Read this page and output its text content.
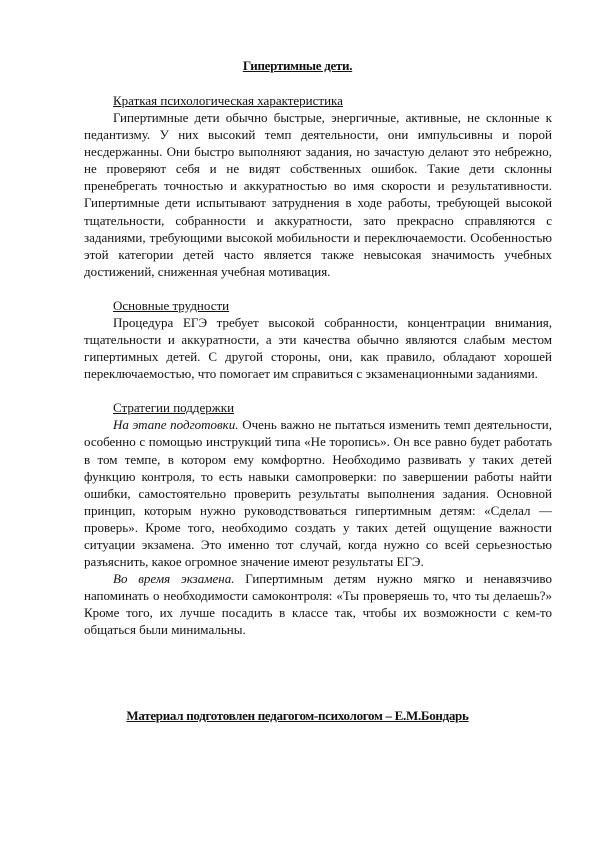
Гипертимные дети.

Краткая психологическая характеристика

Гипертимные дети обычно быстрые, энергичные, активные, не склонные к педантизму. У них высокий темп деятельности, они импульсивны и порой несдержанны. Они быстро выполняют задания, но зачастую делают это небрежно, не проверяют себя и не видят собственных ошибок. Такие дети склонны пренебрегать точностью и аккуратностью во имя скорости и результативности. Гипертимные дети испытывают затруднения в ходе работы, требующей высокой тщательности, собранности и аккуратности, зато прекрасно справляются с заданиями, требующими высокой мобильности и переключаемости. Особенностью этой категории детей часто является также невысокая значимость учебных достижений, сниженная учебная мотивация.

Основные трудности

Процедура ЕГЭ требует высокой собранности, концентрации внимания, тщательности и аккуратности, а эти качества обычно являются слабым местом гипертимных детей. С другой стороны, они, как правило, обладают хорошей переключаемостью, что помогает им справиться с экзаменационными заданиями.

Стратегии поддержки

На этапе подготовки. Очень важно не пытаться изменить темп деятельности, особенно с помощью инструкций типа «Не торопись». Он все равно будет работать в том темпе, в котором ему комфортно. Необходимо развивать у таких детей функцию контроля, то есть навыки самопроверки: по завершении работы найти ошибки, самостоятельно проверить результаты выполнения задания. Основной принцип, которым нужно руководствоваться гипертимным детям: «Сделал — проверь». Кроме того, необходимо создать у таких детей ощущение важности ситуации экзамена. Это именно тот случай, когда нужно со всей серьезностью разъяснить, какое огромное значение имеют результаты ЕГЭ.

Во время экзамена. Гипертимным детям нужно мягко и ненавязчиво напоминать о необходимости самоконтроля: «Ты проверяешь то, что ты делаешь?» Кроме того, их лучше посадить в классе так, чтобы их возможности с кем-то общаться были минимальны.

Материал подготовлен педагогом-психологом – Е.М.Бондарь
